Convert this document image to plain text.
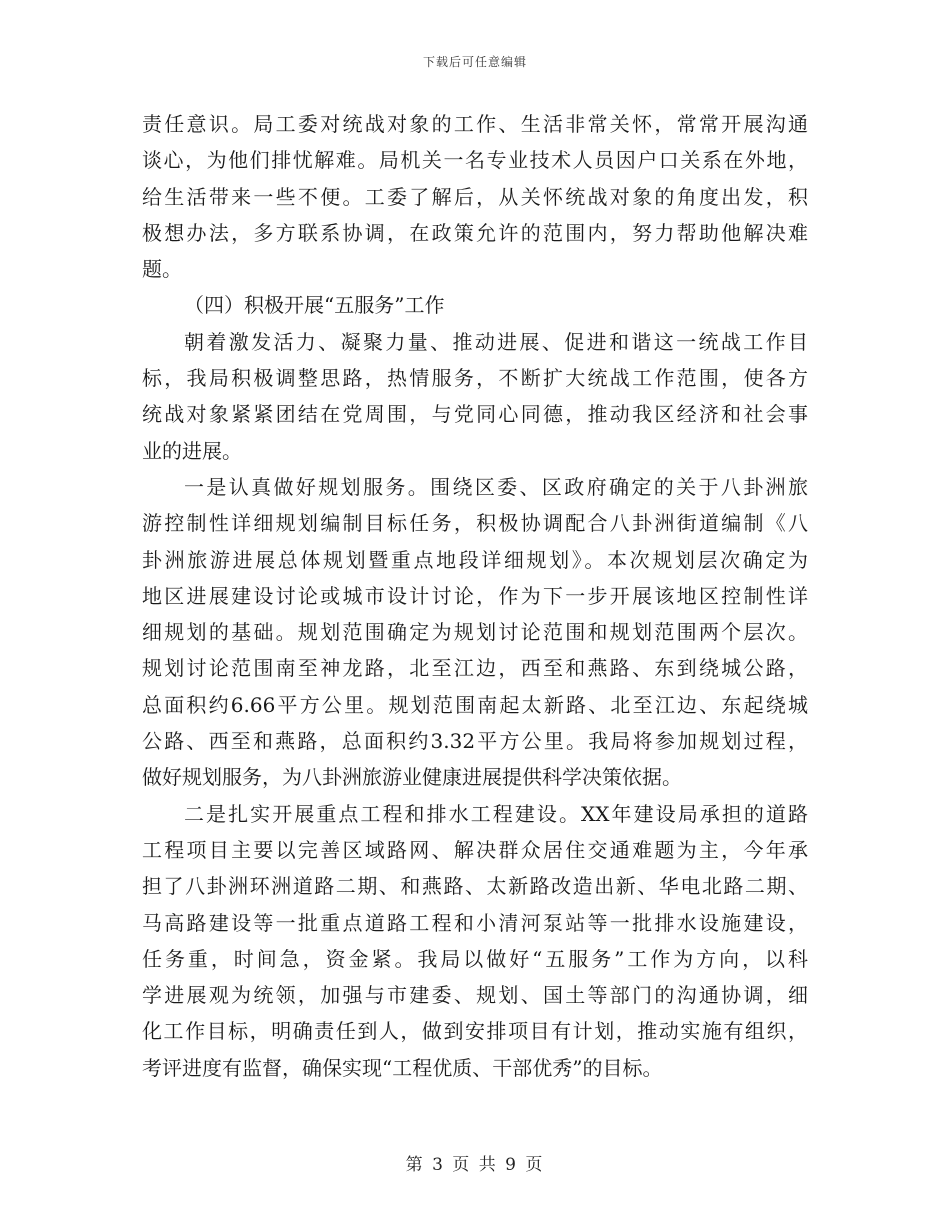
下载后可任意编辑
责任意识。局工委对统战对象的工作、生活非常关怀，常常开展沟通
谈心，为他们排忧解难。局机关一名专业技术人员因户口关系在外地，
给生活带来一些不便。工委了解后，从关怀统战对象的角度出发，积
极想办法，多方联系协调，在政策允许的范围内，努力帮助他解决难
题。
（四）积极开展“五服务”工作
朝着激发活力、凝聚力量、推动进展、促进和谐这一统战工作目
标，我局积极调整思路，热情服务，不断扩大统战工作范围，使各方
统战对象紧紧团结在党周围，与党同心同德，推动我区经济和社会事
业的进展。
一是认真做好规划服务。围绕区委、区政府确定的关于八卦洲旅
游控制性详细规划编制目标任务，积极协调配合八卦洲街道编制《八
卦洲旅游进展总体规划暨重点地段详细规划》。本次规划层次确定为
地区进展建设讨论或城市设计讨论，作为下一步开展该地区控制性详
细规划的基础。规划范围确定为规划讨论范围和规划范围两个层次。
规划讨论范围南至神龙路，北至江边，西至和燕路、东到绕城公路，
总面积约6.66平方公里。规划范围南起太新路、北至江边、东起绕城
公路、西至和燕路，总面积约3.32平方公里。我局将参加规划过程，
做好规划服务，为八卦洲旅游业健康进展提供科学决策依据。
二是扎实开展重点工程和排水工程建设。XX年建设局承担的道路
工程项目主要以完善区域路网、解决群众居住交通难题为主，今年承
担了八卦洲环洲道路二期、和燕路、太新路改造出新、华电北路二期、
马高路建设等一批重点道路工程和小清河泵站等一批排水设施建设，
任务重，时间急，资金紧。我局以做好“五服务”工作为方向，以科
学进展观为统领，加强与市建委、规划、国土等部门的沟通协调，细
化工作目标，明确责任到人，做到安排项目有计划，推动实施有组织，
考评进度有监督，确保实现“工程优质、干部优秀”的目标。
第 3 页 共 9 页
